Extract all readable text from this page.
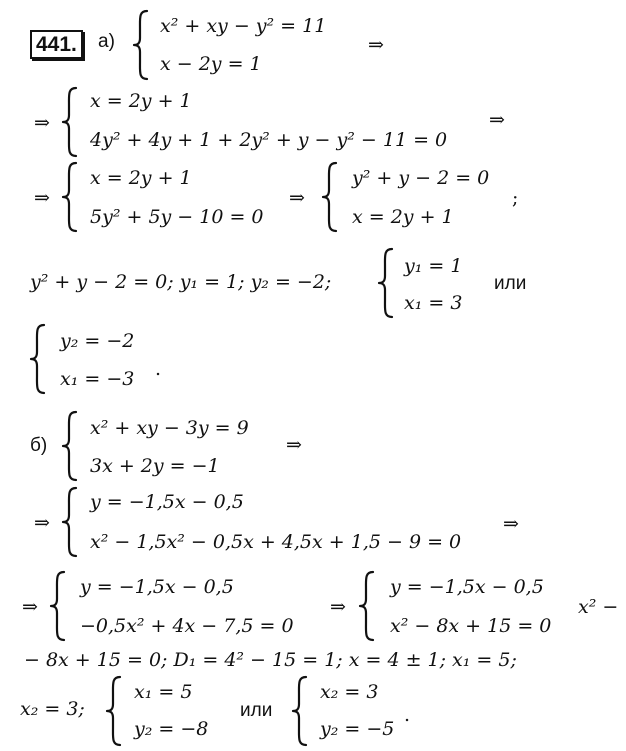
441.	а)
x² + xy − y² = 11
x − 2y = 1
⇒
⇒
x = 2y + 1
4y² + 4y + 1 + 2y² + y − y² − 11 = 0
⇒
⇒
x = 2y + 1
5y² + 5y − 10 = 0
⇒
y² + y − 2 = 0
x = 2y + 1
;
y² + y − 2 = 0; y₁ = 1; y₂ = −2;
y₁ = 1
x₁ = 3
или
y₂ = −2
x₁ = −3 .
б)
x² + xy − 3y = 9
3x + 2y = −1
⇒
⇒
y = −1,5x − 0,5
x² − 1,5x² − 0,5x + 4,5x + 1,5 − 9 = 0
⇒
⇒
y = −1,5x − 0,5
−0,5x² + 4x − 7,5 = 0
⇒
y = −1,5x − 0,5
x² − 8x + 15 = 0
x² −
− 8x + 15 = 0; D₁ = 4² − 15 = 1; x = 4 ± 1; x₁ = 5;
x₂ = 3;
x₁ = 5
y₂ = −8
или
x₂ = 3
y₂ = −5
.
